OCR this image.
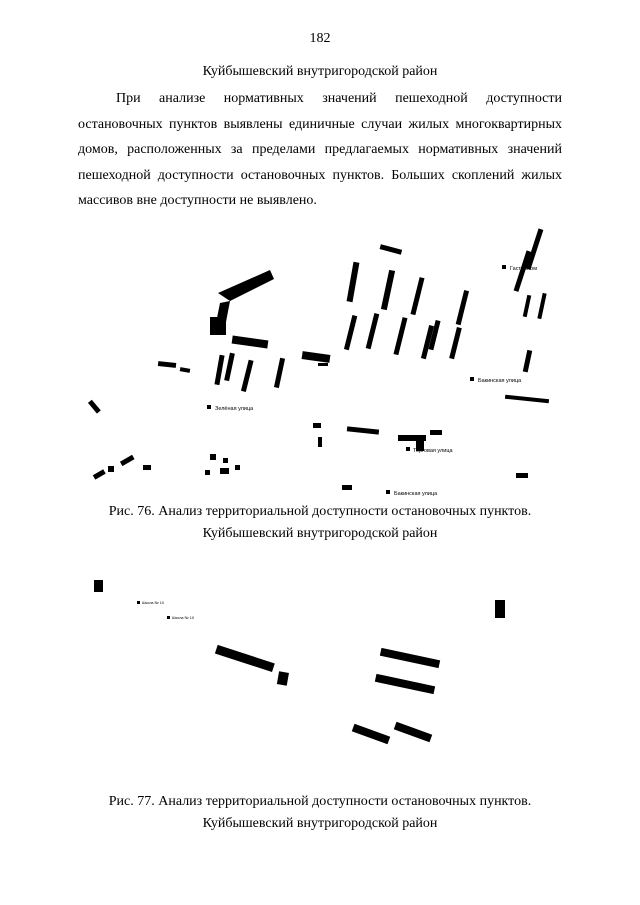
182
Куйбышевский внутригородской район

При анализе нормативных значений пешеходной доступности остановочных пунктов выявлены единичные случаи жилых многоквартирных домов, расположенных за пределами предлагаемых нормативных значений пешеходной доступности остановочных пунктов. Больших скоплений жилых массивов вне доступности не выявлено.

Гастроном
Бакинская улица
Зелёная улица
Торговая улица
Бакинская улица
Рис. 76. Анализ территориальной доступности остановочных пунктов.
Куйбышевский внутригородской район
Школа № 10
Школа № 10
Рис. 77. Анализ территориальной доступности остановочных пунктов.
Куйбышевский внутригородской район
